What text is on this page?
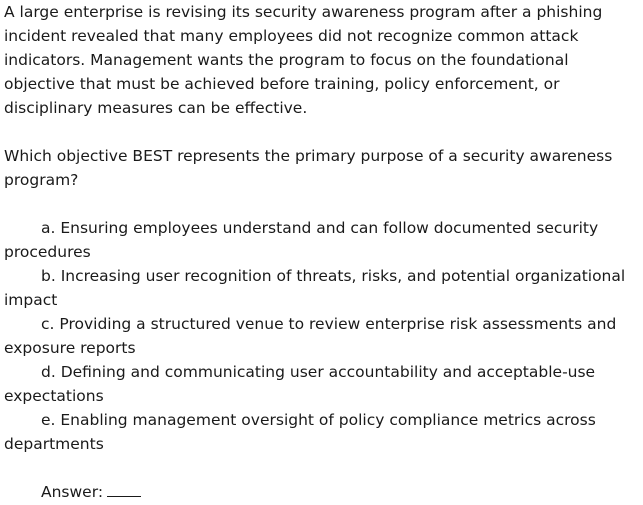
A large enterprise is revising its security awareness program after a phishing incident revealed that many employees did not recognize common attack indicators. Management wants the program to focus on the foundational objective that must be achieved before training, policy enforcement, or disciplinary measures can be effective.

Which objective BEST represents the primary purpose of a security awareness program?

a. Ensuring employees understand and can follow documented security procedures
b. Increasing user recognition of threats, risks, and potential organizational impact
c. Providing a structured venue to review enterprise risk assessments and exposure reports
d. Defining and communicating user accountability and acceptable-use expectations
e. Enabling management oversight of policy compliance metrics across departments

Answer:
